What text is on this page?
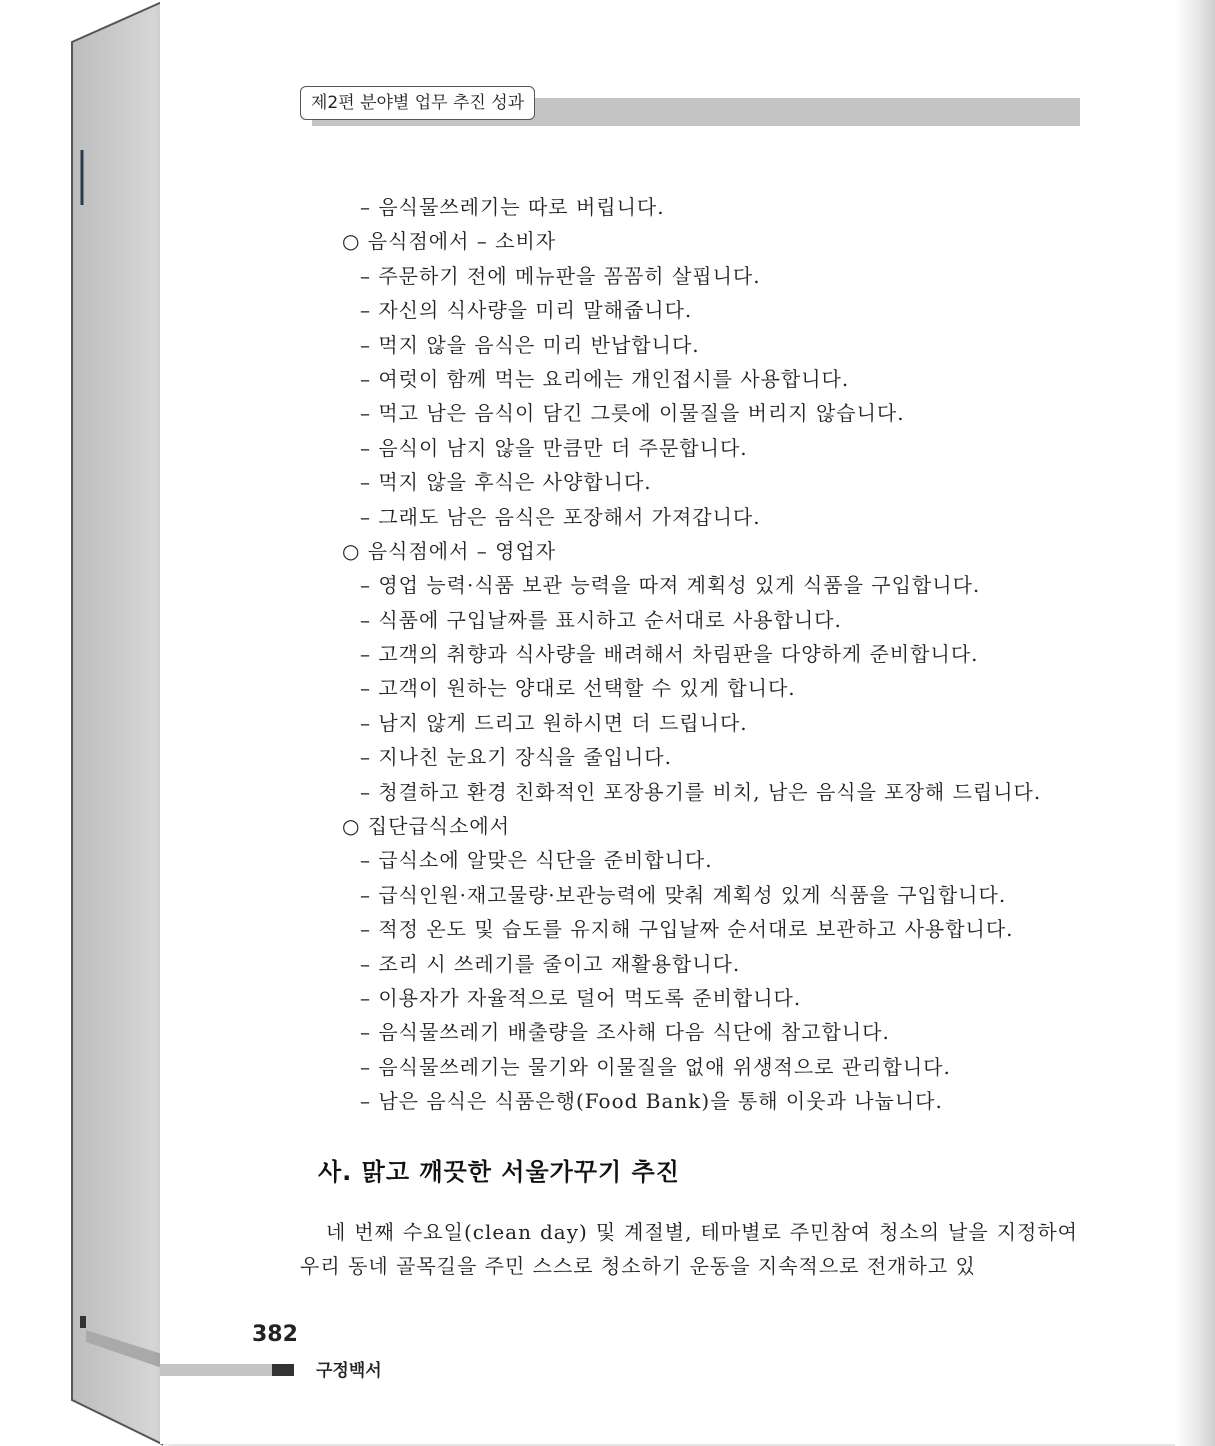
제2편 분야별 업무 추진 성과
– 음식물쓰레기는 따로 버립니다.
○ 음식점에서 – 소비자
– 주문하기 전에 메뉴판을 꼼꼼히 살핍니다.
– 자신의 식사량을 미리 말해줍니다.
– 먹지 않을 음식은 미리 반납합니다.
– 여럿이 함께 먹는 요리에는 개인접시를 사용합니다.
– 먹고 남은 음식이 담긴 그릇에 이물질을 버리지 않습니다.
– 음식이 남지 않을 만큼만 더 주문합니다.
– 먹지 않을 후식은 사양합니다.
– 그래도 남은 음식은 포장해서 가져갑니다.
○ 음식점에서 – 영업자
– 영업 능력·식품 보관 능력을 따져 계획성 있게 식품을 구입합니다.
– 식품에 구입날짜를 표시하고 순서대로 사용합니다.
– 고객의 취향과 식사량을 배려해서 차림판을 다양하게 준비합니다.
– 고객이 원하는 양대로 선택할 수 있게 합니다.
– 남지 않게 드리고 원하시면 더 드립니다.
– 지나친 눈요기 장식을 줄입니다.
– 청결하고 환경 친화적인 포장용기를 비치, 남은 음식을 포장해 드립니다.
○ 집단급식소에서
– 급식소에 알맞은 식단을 준비합니다.
– 급식인원·재고물량·보관능력에 맞춰 계획성 있게 식품을 구입합니다.
– 적정 온도 및 습도를 유지해 구입날짜 순서대로 보관하고 사용합니다.
– 조리 시 쓰레기를 줄이고 재활용합니다.
– 이용자가 자율적으로 덜어 먹도록 준비합니다.
– 음식물쓰레기 배출량을 조사해 다음 식단에 참고합니다.
– 음식물쓰레기는 물기와 이물질을 없애 위생적으로 관리합니다.
– 남은 음식은 식품은행(Food Bank)을 통해 이웃과 나눕니다.
사. 맑고 깨끗한 서울가꾸기 추진

네 번째 수요일(clean day) 및 계절별, 테마별로 주민참여 청소의 날을 지정하여 우리 동네 골목길을 주민 스스로 청소하기 운동을 지속적으로 전개하고 있

382
구정백서
